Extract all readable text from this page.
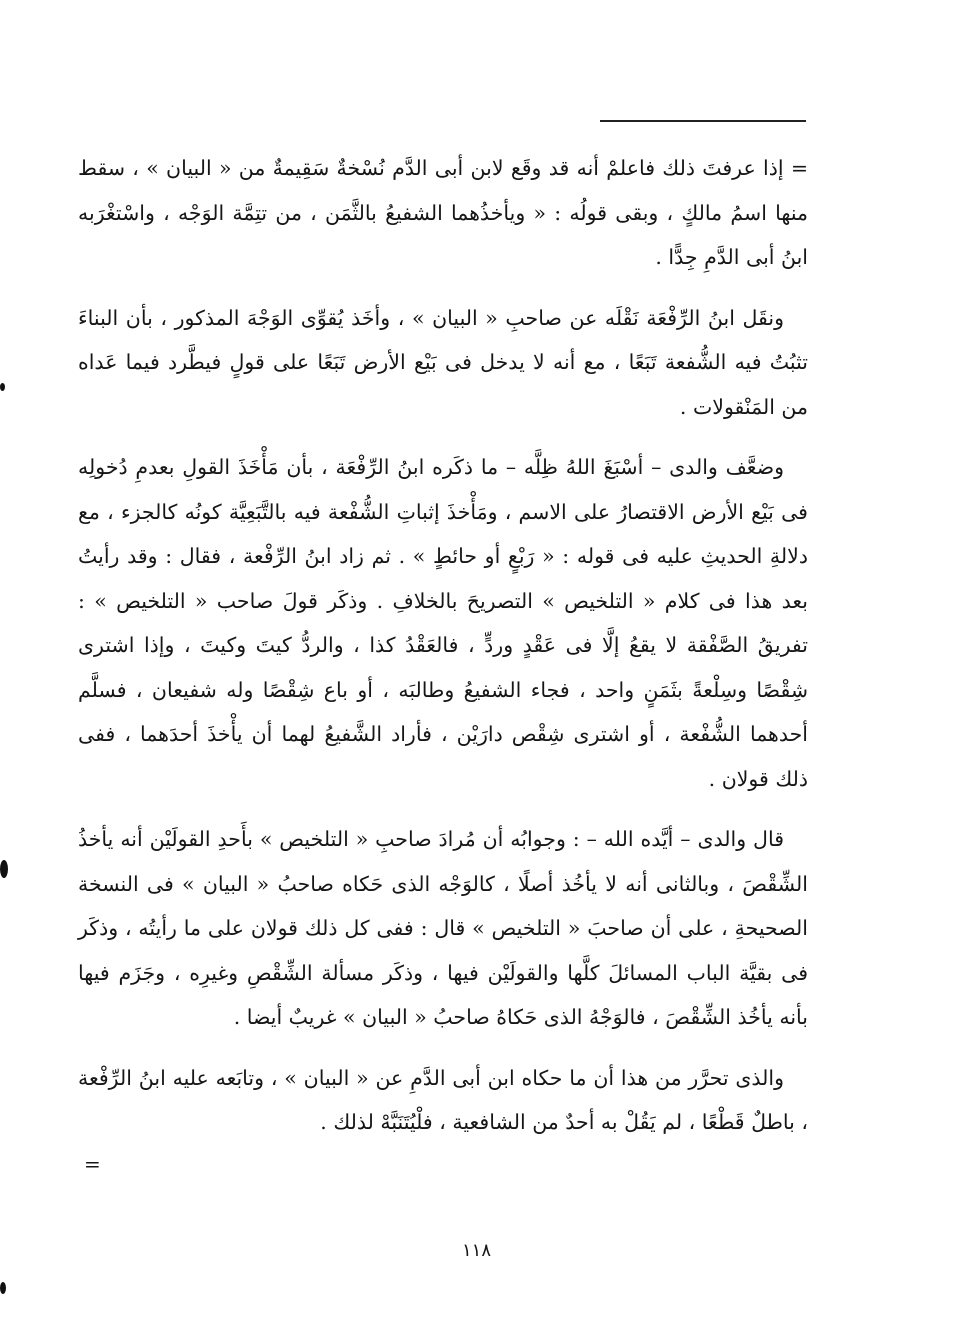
= إذا عرفتَ ذلك فاعلمْ أنه قد وقَع لابن أبى الدَّم نُسْخةٌ سَقِيمةٌ من « البيان » ، سقط منها اسمُ مالكٍ ، وبقى قولُه : « ويأخذُهما الشفيعُ بالثَّمَن ، من تتِمَّة الوَجْه ، واسْتغْرَبه ابنُ أبى الدَّمِ جِدًّا .

ونقَل ابنُ الرِّفْعَة نَقْلَه عن صاحبِ « البيان » ، وأخَذ يُقوِّى الوَجْهَ المذكور ، بأن البناءَ تثبُتُ فيه الشُّفعة تَبَعًا ، مع أنه لا يدخل فى بَيْع الأرض تَبَعًا على قولٍ فيطَّرد فيما عَداه من المَنْقولات .

وضعَّف والدى – أسْبَغَ اللهُ ظِلَّه – ما ذكَره ابنُ الرِّفْعَة ، بأن مَأْخَذَ القولِ بعدمِ دُخولِه فى بَيْع الأرض الاقتصارُ على الاسم ، ومَأْخذَ إثباتِ الشُّفْعة فيه بالتَّبَعِيَّة كونُه كالجزء ، مع دلالةِ الحديثِ عليه فى قوله : « رَبْعٍ أو حائطٍ » . ثم زاد ابنُ الرِّفْعة ، فقال : وقد رأيتُ بعد هذا فى كلام « التلخيص » التصريحَ بالخلافِ . وذكَر قولَ صاحب « التلخيص » : تفريقُ الصَّفْقة لا يقعُ إلَّا فى عَقْدٍ وردٍّ ، فالعَقْدُ كذا ، والردُّ كيتَ وكيتَ ، وإذا اشترى شِقْصًا وسِلْعةً بثَمَنٍ واحد ، فجاء الشفيعُ وطالبَه ، أو باع شِقْصًا وله شفيعان ، فسلَّم أحدهما الشُّفْعة ، أو اشترى شِقْص دارَيْن ، فأراد الشَّفيعُ لهما أن يأْخذَ أحدَهما ، ففى ذلك قولان .

قال والدى – أيَّده الله – : وجوابُه أن مُرادَ صاحبِ « التلخيص » بأَحدِ القولَيْن أنه يأخذُ الشِّقْصَ ، وبالثانى أنه لا يأخُذ أصلًا ، كالوَجْه الذى حَكاه صاحبُ « البيان » فى النسخة الصحيحةِ ، على أن صاحبَ « التلخيص » قال : ففى كل ذلك قولان على ما رأيتُه ، وذكَر فى بقيَّة الباب المسائلَ كلَّها والقولَيْن فيها ، وذكَر مسألة الشِّقْصِ وغيرِه ، وجَزَم فيها بأنه يأخُذ الشِّقْصَ ، فالوَجْهُ الذى حَكاهُ صاحبُ « البيان » غريبٌ أيضا .

والذى تحرَّر من هذا أن ما حكاه ابن أبى الدَّمِ عن « البيان » ، وتابَعه عليه ابنُ الرِّفْعة ، باطلٌ قَطْعًا ، لم يَقُلْ به أحدٌ من الشافعية ، فلْيُتَنَبَّهْ لذلك .

=
١١٨
